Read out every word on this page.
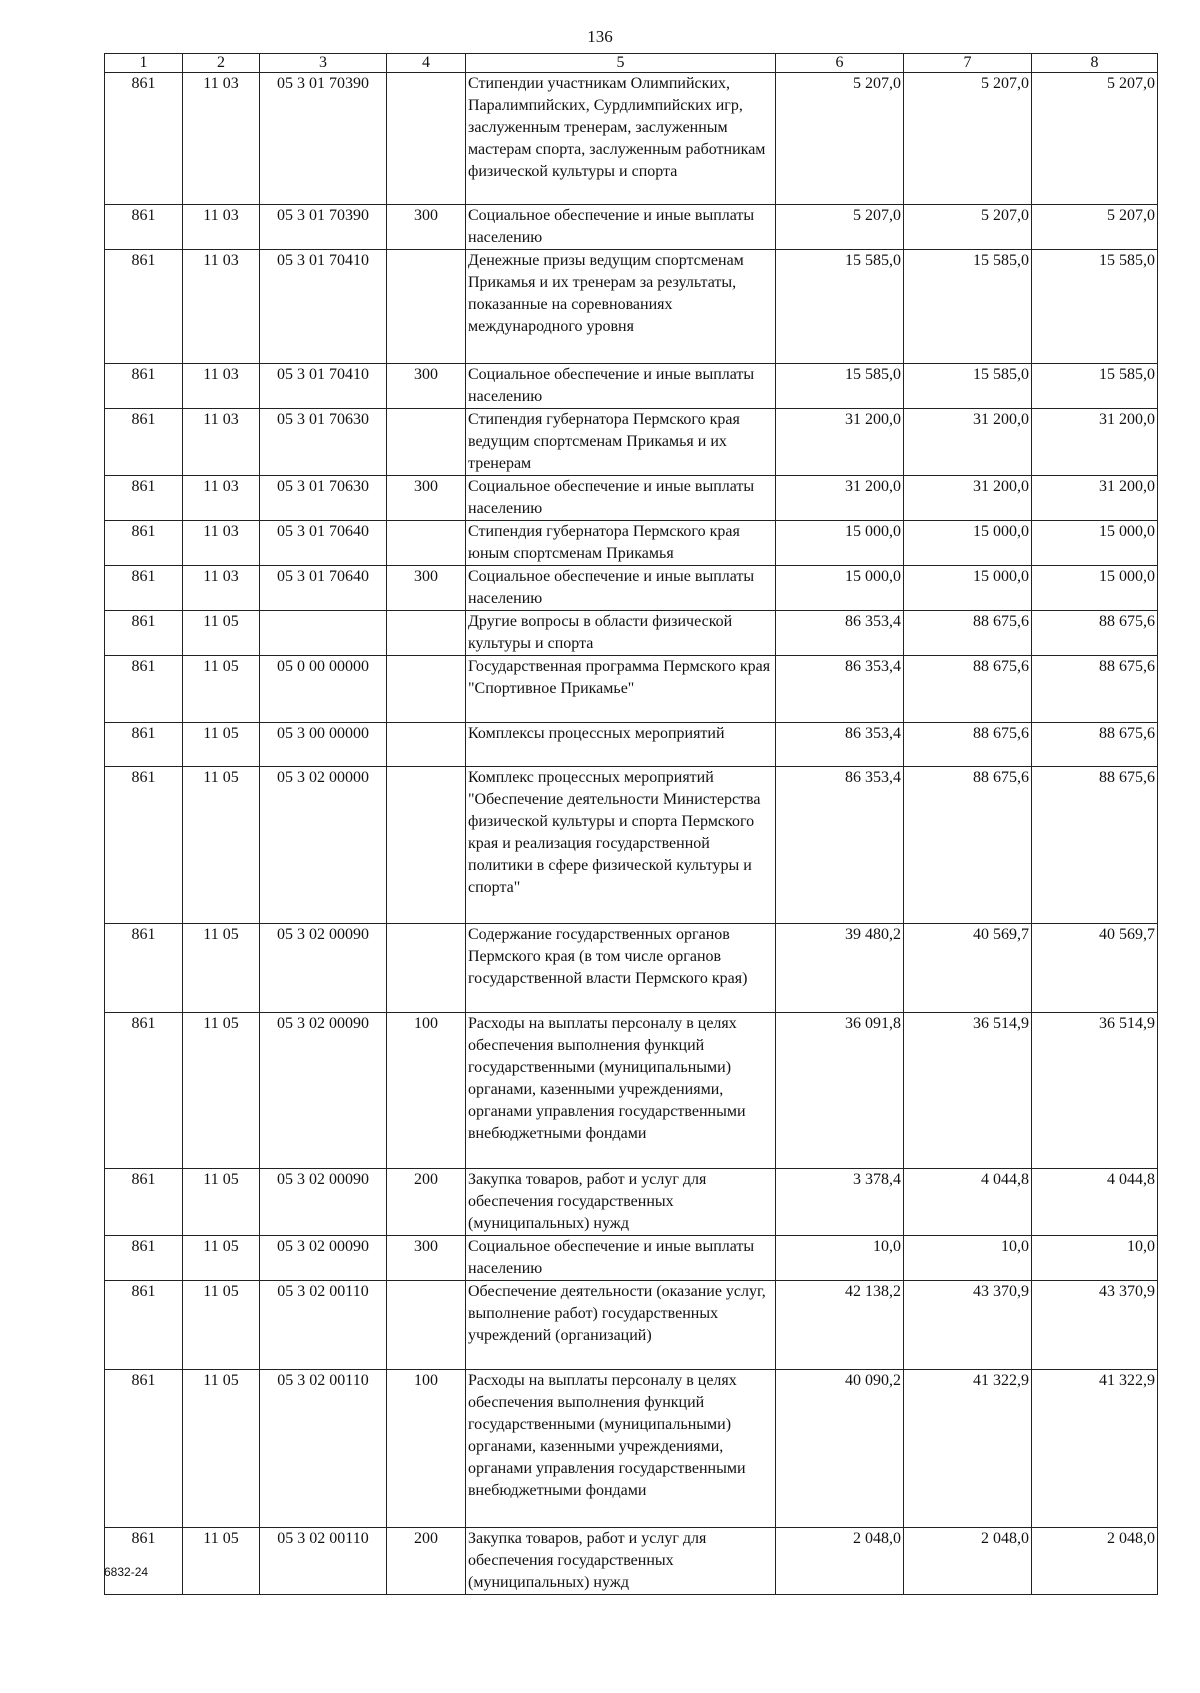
136
1	2	3	4	5	6	7	8
861	11 03	05 3 01 70390		Стипендии участникам Олимпийских, Паралимпийских, Сурдлимпийских игр, заслуженным тренерам, заслуженным мастерам спорта, заслуженным работникам физической культуры и спорта	5 207,0	5 207,0	5 207,0
861	11 03	05 3 01 70390	300	Социальное обеспечение и иные выплаты населению	5 207,0	5 207,0	5 207,0
861	11 03	05 3 01 70410		Денежные призы ведущим спортсменам Прикамья и их тренерам за результаты, показанные на соревнованиях международного уровня	15 585,0	15 585,0	15 585,0
861	11 03	05 3 01 70410	300	Социальное обеспечение и иные выплаты населению	15 585,0	15 585,0	15 585,0
861	11 03	05 3 01 70630		Стипендия губернатора Пермского края ведущим спортсменам Прикамья и их тренерам	31 200,0	31 200,0	31 200,0
861	11 03	05 3 01 70630	300	Социальное обеспечение и иные выплаты населению	31 200,0	31 200,0	31 200,0
861	11 03	05 3 01 70640		Стипендия губернатора Пермского края юным спортсменам Прикамья	15 000,0	15 000,0	15 000,0
861	11 03	05 3 01 70640	300	Социальное обеспечение и иные выплаты населению	15 000,0	15 000,0	15 000,0
861	11 05			Другие вопросы в области физической культуры и спорта	86 353,4	88 675,6	88 675,6
861	11 05	05 0 00 00000		Государственная программа Пермского края "Спортивное Прикамье"	86 353,4	88 675,6	88 675,6
861	11 05	05 3 00 00000		Комплексы процессных мероприятий	86 353,4	88 675,6	88 675,6
861	11 05	05 3 02 00000		Комплекс процессных мероприятий "Обеспечение деятельности Министерства физической культуры и спорта Пермского края и реализация государственной политики в сфере физической культуры и спорта"	86 353,4	88 675,6	88 675,6
861	11 05	05 3 02 00090		Содержание государственных органов Пермского края (в том числе органов государственной власти Пермского края)	39 480,2	40 569,7	40 569,7
861	11 05	05 3 02 00090	100	Расходы на выплаты персоналу в целях обеспечения выполнения функций государственными (муниципальными) органами, казенными учреждениями, органами управления государственными внебюджетными фондами	36 091,8	36 514,9	36 514,9
861	11 05	05 3 02 00090	200	Закупка товаров, работ и услуг для обеспечения государственных (муниципальных) нужд	3 378,4	4 044,8	4 044,8
861	11 05	05 3 02 00090	300	Социальное обеспечение и иные выплаты населению	10,0	10,0	10,0
861	11 05	05 3 02 00110		Обеспечение деятельности (оказание услуг, выполнение работ) государственных учреждений (организаций)	42 138,2	43 370,9	43 370,9
861	11 05	05 3 02 00110	100	Расходы на выплаты персоналу в целях обеспечения выполнения функций государственными (муниципальными) органами, казенными учреждениями, органами управления государственными внебюджетными фондами	40 090,2	41 322,9	41 322,9
861	11 05	05 3 02 00110	200	Закупка товаров, работ и услуг для обеспечения государственных (муниципальных) нужд	2 048,0	2 048,0	2 048,0
6832-24
